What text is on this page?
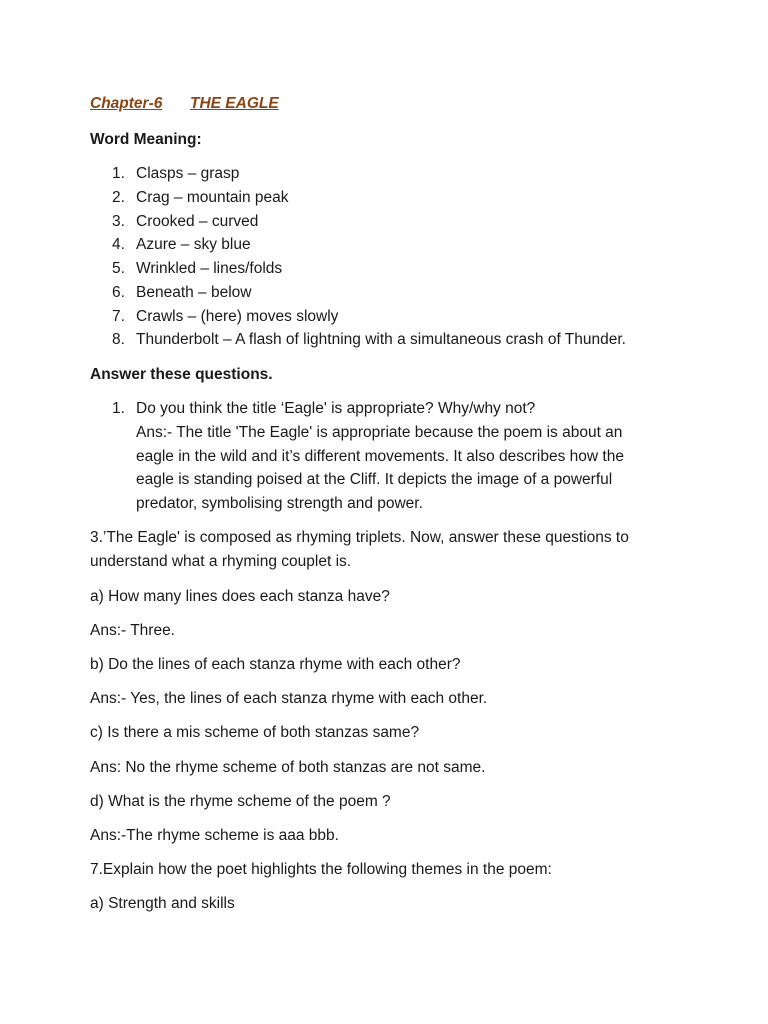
Chapter-6 THE EAGLE
Word Meaning:
1. Clasps – grasp
2. Crag – mountain peak
3. Crooked – curved
4. Azure – sky blue
5. Wrinkled – lines/folds
6. Beneath – below
7. Crawls – (here) moves slowly
8. Thunderbolt – A flash of lightning with a simultaneous crash of Thunder.
Answer these questions.
1. Do you think the title ‘Eagle' is appropriate? Why/why not?
Ans:- The title 'The Eagle' is appropriate because the poem is about an
eagle in the wild and it’s different movements. It also describes how the
eagle is standing poised at the Cliff. It depicts the image of a powerful
predator, symbolising strength and power.
3.’The Eagle' is composed as rhyming triplets. Now, answer these questions to
understand what a rhyming couplet is.
a) How many lines does each stanza have?
Ans:- Three.
b) Do the lines of each stanza rhyme with each other?
Ans:- Yes, the lines of each stanza rhyme with each other.
c) Is there a mis scheme of both stanzas same?
Ans: No the rhyme scheme of both stanzas are not same.
d) What is the rhyme scheme of the poem ?
Ans:-The rhyme scheme is aaa bbb.
7.Explain how the poet highlights the following themes in the poem:
a) Strength and skills
